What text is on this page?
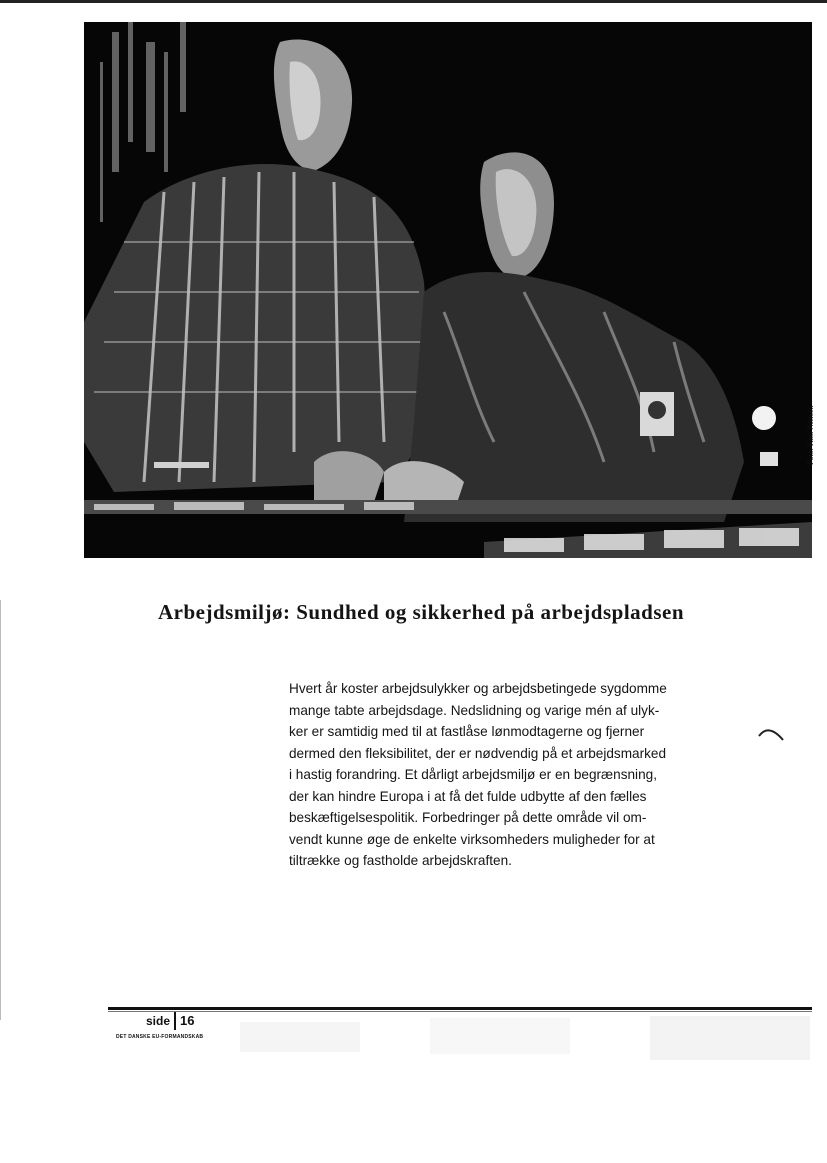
Foto: Kim Nielsen
Arbejdsmiljø: Sundhed og sikkerhed på arbejdspladsen
Hvert år koster arbejdsulykker og arbejdsbetingede sygdomme
mange tabte arbejdsdage. Nedslidning og varige mén af ulyk-
ker er samtidig med til at fastlåse lønmodtagerne og fjerner
dermed den fleksibilitet, der er nødvendig på et arbejdsmarked
i hastig forandring. Et dårligt arbejdsmiljø er en begrænsning,
der kan hindre Europa i at få det fulde udbytte af den fælles
beskæftigelsespolitik. Forbedringer på dette område vil om-
vendt kunne øge de enkelte virksomheders muligheder for at
tiltrække og fastholde arbejdskraften.
side 16
DET DANSKE EU-FORMANDSKAB
